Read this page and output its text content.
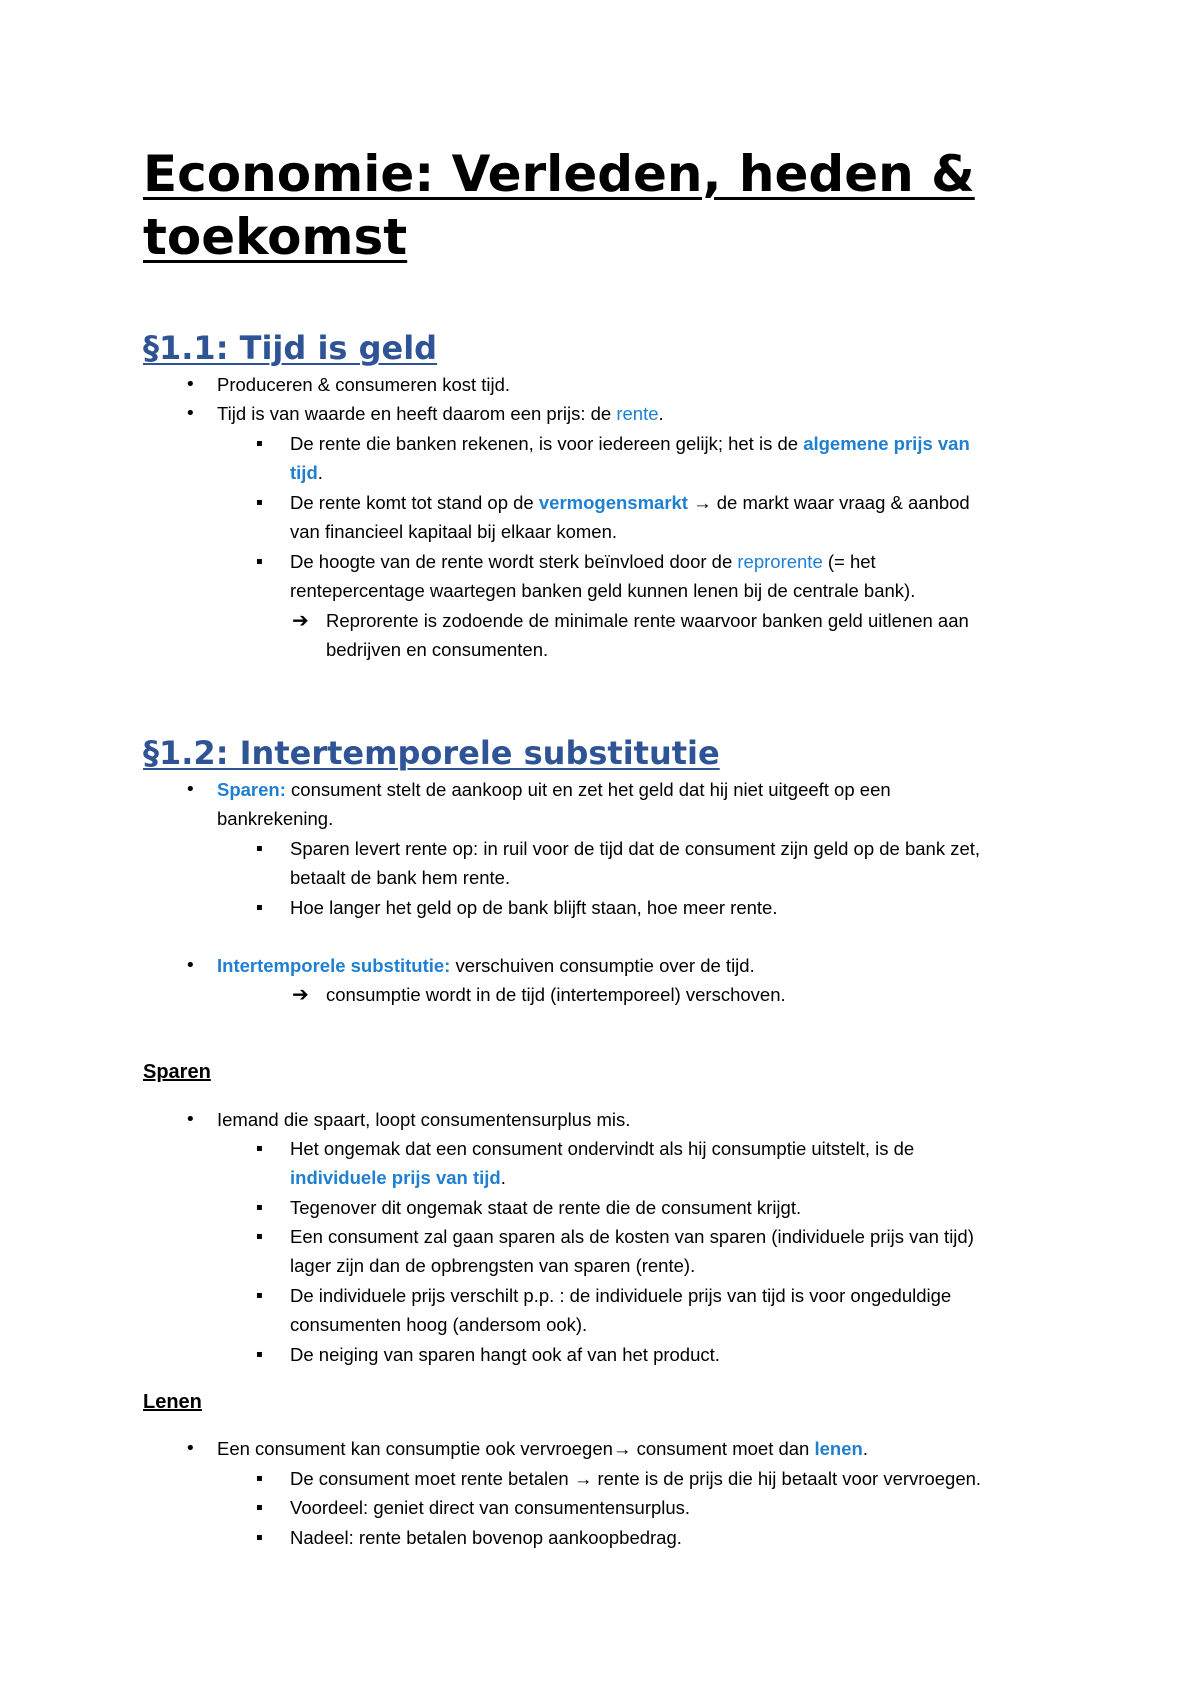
Economie: Verleden, heden & toekomst
§1.1: Tijd is geld
• Produceren & consumeren kost tijd.

• Tijd is van waarde en heeft daarom een prijs: de rente.

▪ De rente die banken rekenen, is voor iedereen gelijk; het is de algemene prijs van

tijd.

▪ De rente komt tot stand op de vermogensmarkt → de markt waar vraag & aanbod

van financieel kapitaal bij elkaar komen.

▪ De hoogte van de rente wordt sterk beïnvloed door de reprorente (= het

rentepercentage waartegen banken geld kunnen lenen bij de centrale bank).

➔ Reprorente is zodoende de minimale rente waarvoor banken geld uitlenen aan

bedrijven en consumenten.

§1.2: Intertemporele substitutie
• Sparen: consument stelt de aankoop uit en zet het geld dat hij niet uitgeeft op een

bankrekening.

▪ Sparen levert rente op: in ruil voor de tijd dat de consument zijn geld op de bank zet,

betaalt de bank hem rente.

▪ Hoe langer het geld op de bank blijft staan, hoe meer rente.

• Intertemporele substitutie: verschuiven consumptie over de tijd.

➔ consumptie wordt in de tijd (intertemporeel) verschoven.

Sparen
• Iemand die spaart, loopt consumentensurplus mis.

▪ Het ongemak dat een consument ondervindt als hij consumptie uitstelt, is de

individuele prijs van tijd.

▪ Tegenover dit ongemak staat de rente die de consument krijgt.

▪ Een consument zal gaan sparen als de kosten van sparen (individuele prijs van tijd)

lager zijn dan de opbrengsten van sparen (rente).

▪ De individuele prijs verschilt p.p. : de individuele prijs van tijd is voor ongeduldige

consumenten hoog (andersom ook).

▪ De neiging van sparen hangt ook af van het product.

Lenen
• Een consument kan consumptie ook vervroegen→ consument moet dan lenen.

▪ De consument moet rente betalen → rente is de prijs die hij betaalt voor vervroegen.

▪ Voordeel: geniet direct van consumentensurplus.

▪ Nadeel: rente betalen bovenop aankoopbedrag.
